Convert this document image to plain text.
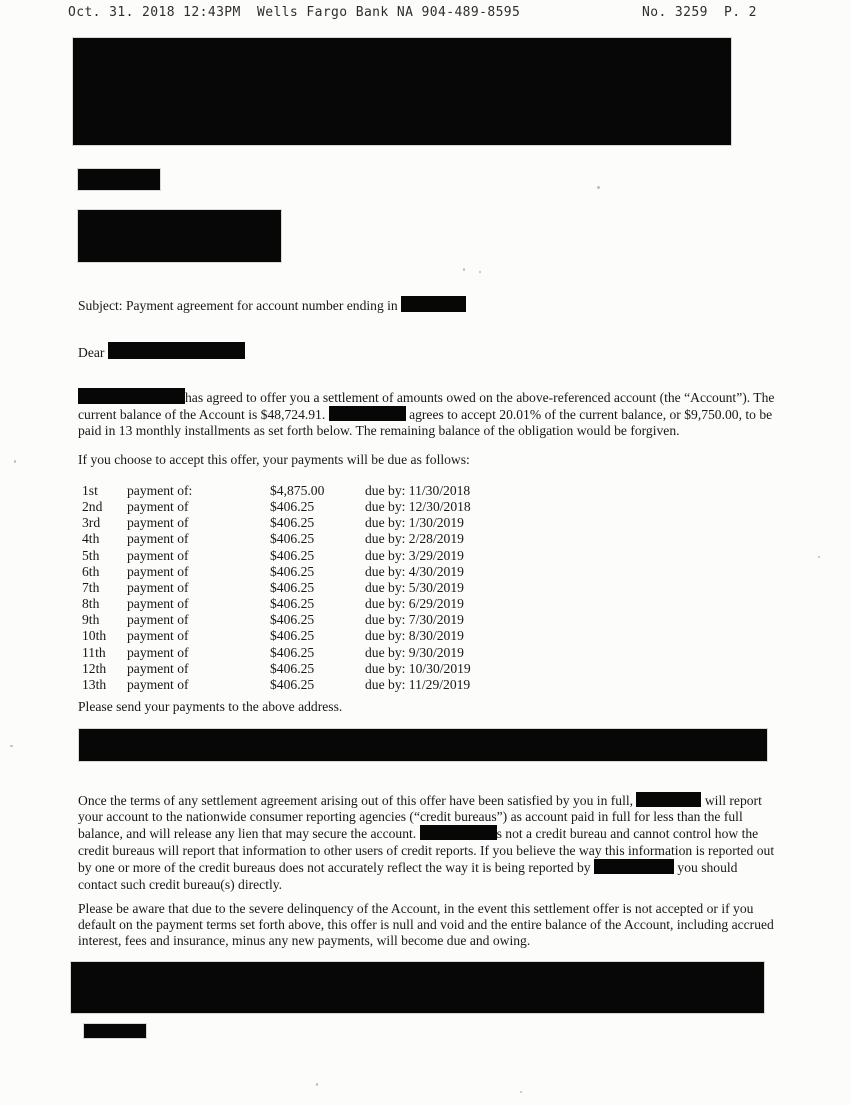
Oct. 31. 2018 12:43PM Wells Fargo Bank NA 904-489-8595	No. 3259 P. 2
Subject: Payment agreement for account number ending in
Dear

has agreed to offer you a settlement of amounts owed on the above-referenced account (the “Account”). The current balance of the Account is $48,724.91.	agrees to accept 20.01% of the current balance, or $9,750.00, to be paid in 13 monthly installments as set forth below. The remaining balance of the obligation would be forgiven.

If you choose to accept this offer, your payments will be due as follows:
1st	payment of:	$4,875.00	due by: 11/30/2018
2nd	payment of	$406.25	due by: 12/30/2018
3rd	payment of	$406.25	due by: 1/30/2019
4th	payment of	$406.25	due by: 2/28/2019
5th	payment of	$406.25	due by: 3/29/2019
6th	payment of	$406.25	due by: 4/30/2019
7th	payment of	$406.25	due by: 5/30/2019
8th	payment of	$406.25	due by: 6/29/2019
9th	payment of	$406.25	due by: 7/30/2019
10th	payment of	$406.25	due by: 8/30/2019
11th	payment of	$406.25	due by: 9/30/2019
12th	payment of	$406.25	due by: 10/30/2019
13th	payment of	$406.25	due by: 11/29/2019
Please send your payments to the above address.

Once the terms of any settlement agreement arising out of this offer have been satisfied by you in full,	will report your account to the nationwide consumer reporting agencies (“credit bureaus”) as account paid in full for less than the full balance, and will release any lien that may secure the account.	s not a credit bureau and cannot control how the credit bureaus will report that information to other users of credit reports. If you believe the way this information is reported out by one or more of the credit bureaus does not accurately reflect the way it is being reported by	you should contact such credit bureau(s) directly.

Please be aware that due to the severe delinquency of the Account, in the event this settlement offer is not accepted or if you default on the payment terms set forth above, this offer is null and void and the entire balance of the Account, including accrued interest, fees and insurance, minus any new payments, will become due and owing.
